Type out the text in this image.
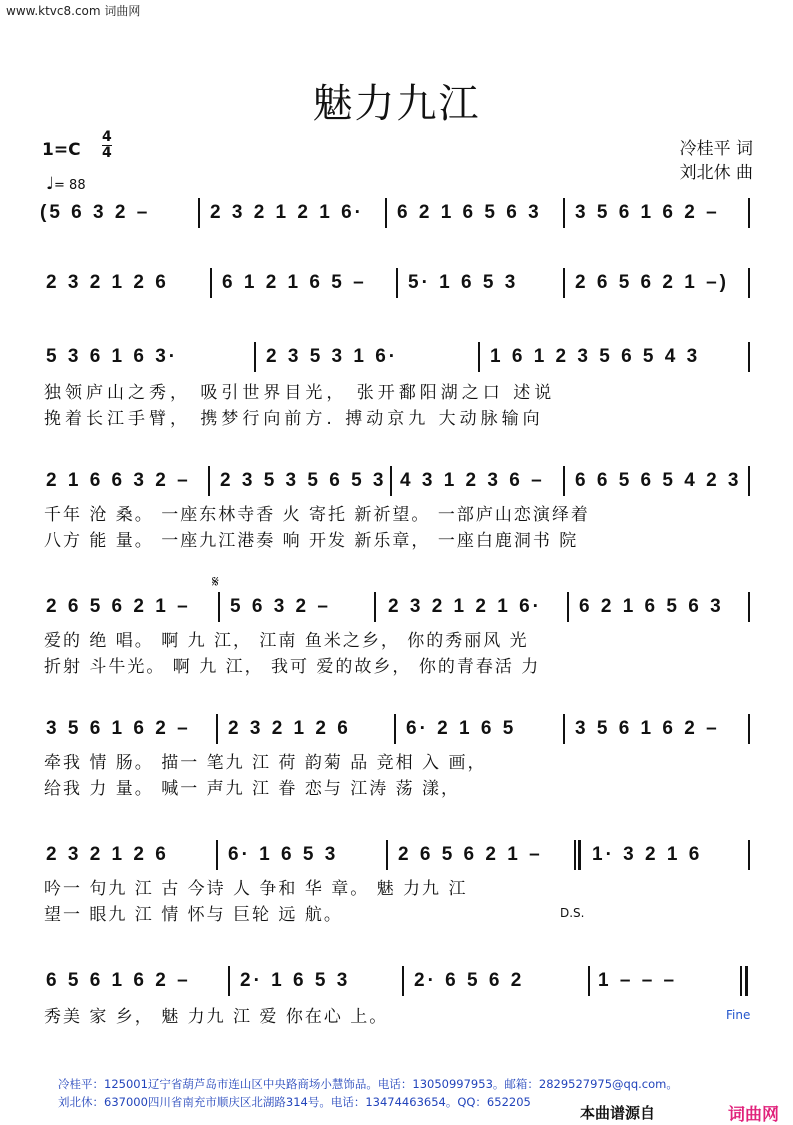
www.ktvc8.com 词曲网
魅力九江
冷桂平 词
刘北休 曲
1=C
4
4
♩= 88
(5 6 3 2 –	2 3 2 1 2 1 6· 6 2 1 6 5 6 3 3 5 6 1 6 2 –
2 3 2 1 2 6	6 1 2 1 6 5 – 5· 1 6 5 3	2 6 5 6 2 1 –)
5 3 6 1 6 3·	2 3 5 3 1 6·	1 6 1 2 3 5 6 5 4 3
独领庐山之秀， 吸引世界目光， 张开鄱阳湖之口 述说
挽着长江手臂， 携梦行向前方. 搏动京九 大动脉输向
2 1 6 6 3 2 – 2 3 5 3 5 6 5 3 4 3 1 2 3 6 – 6 6 5 6 5 4 2 3
千年 沧 桑。 一座东林寺香 火 寄托 新祈望。 一部庐山恋演绎着
八方 能 量。 一座九江港奏 响 开发 新乐章， 一座白鹿洞书 院
𝄋
2 6 5 6 2 1 – 5 6 3 2 –	2 3 2 1 2 1 6· 6 2 1 6 5 6 3
爱的 绝 唱。 啊 九 江， 江南 鱼米之乡， 你的秀丽风 光
折射 斗牛光。 啊 九 江， 我可 爱的故乡， 你的青春活 力
3 5 6 1 6 2 – 2 3 2 1 2 6	6· 2 1 6 5	3 5 6 1 6 2 –
牵我 情 肠。 描一 笔九 江 荷 韵菊 品 竞相 入 画，
给我 力 量。 喊一 声九 江 眷 恋与 江涛 荡 漾，
2 3 2 1 2 6	6· 1 6 5 3	2 6 5 6 2 1 –	1· 3 2 1 6
吟一 句九 江 古 今诗 人 争和 华 章。 魅 力九 江
望一 眼九 江 情 怀与 巨轮 远 航。	D.S.
6 5 6 1 6 2 –	2· 1 6 5 3	2· 6 5 6 2	1 – – –
秀美 家 乡， 魅 力九 江 爱 你在心 上。	Fine
冷桂平：125001辽宁省葫芦岛市连山区中央路商场小慧饰品。电话：13050997953。邮箱：2829527975@qq.com。
刘北休：637000四川省南充市顺庆区北湖路314号。电话：13474463654。QQ：652205
本曲谱源自	词曲网
